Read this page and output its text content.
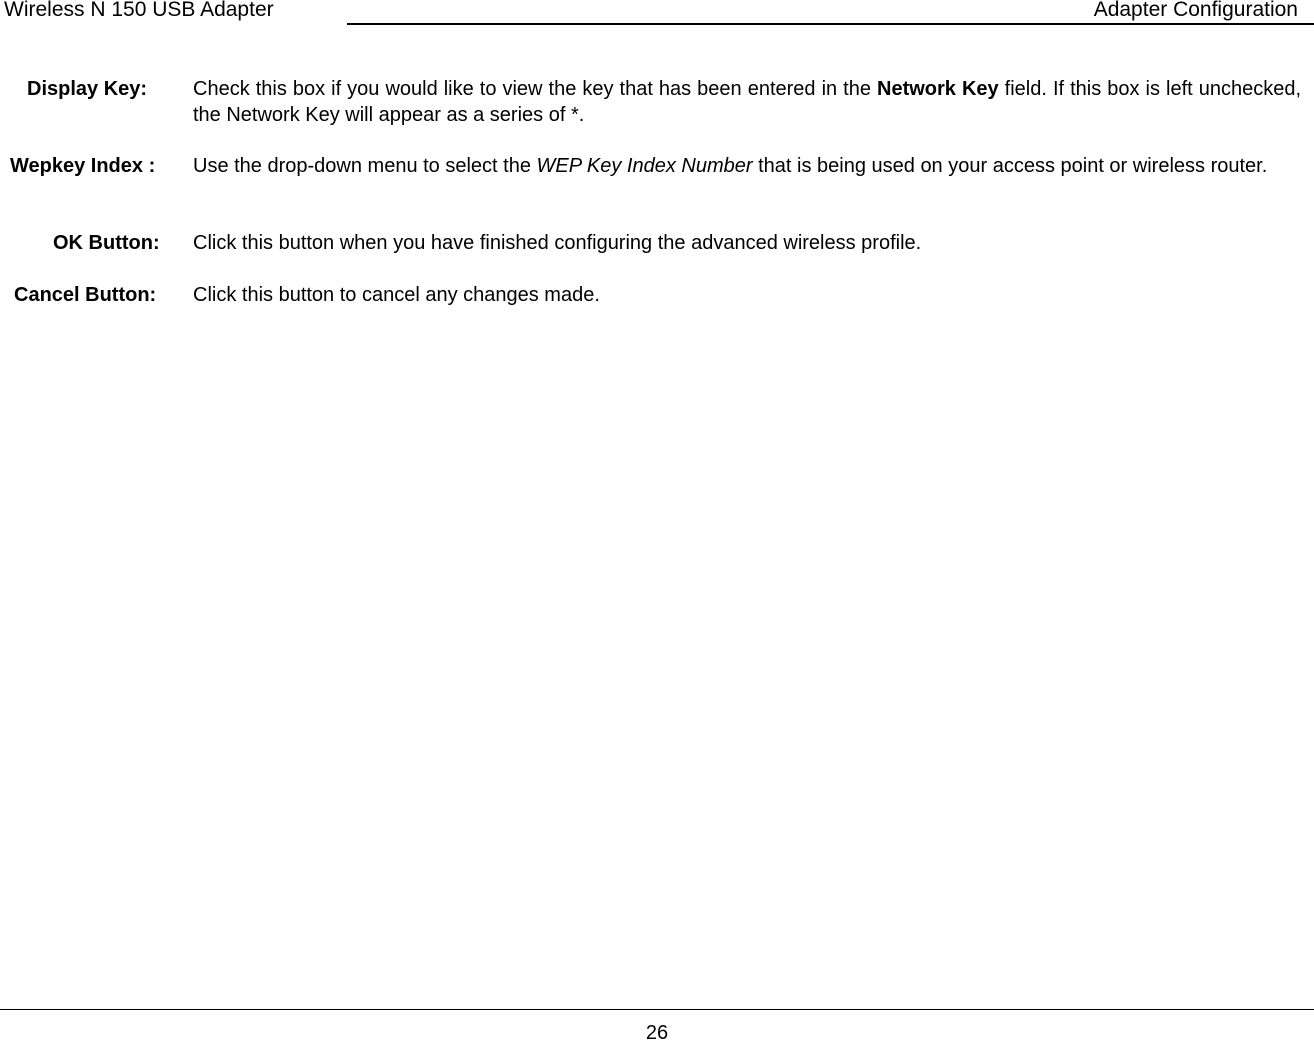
Wireless N 150 USB Adapter	Adapter Configuration
Display Key: Check this box if you would like to view the key that has been entered in the Network Key field. If this box is left unchecked, the Network Key will appear as a series of *.
Wepkey Index : Use the drop-down menu to select the WEP Key Index Number that is being used on your access point or wireless router.
OK Button: Click this button when you have finished configuring the advanced wireless profile.
Cancel Button: Click this button to cancel any changes made.
26
